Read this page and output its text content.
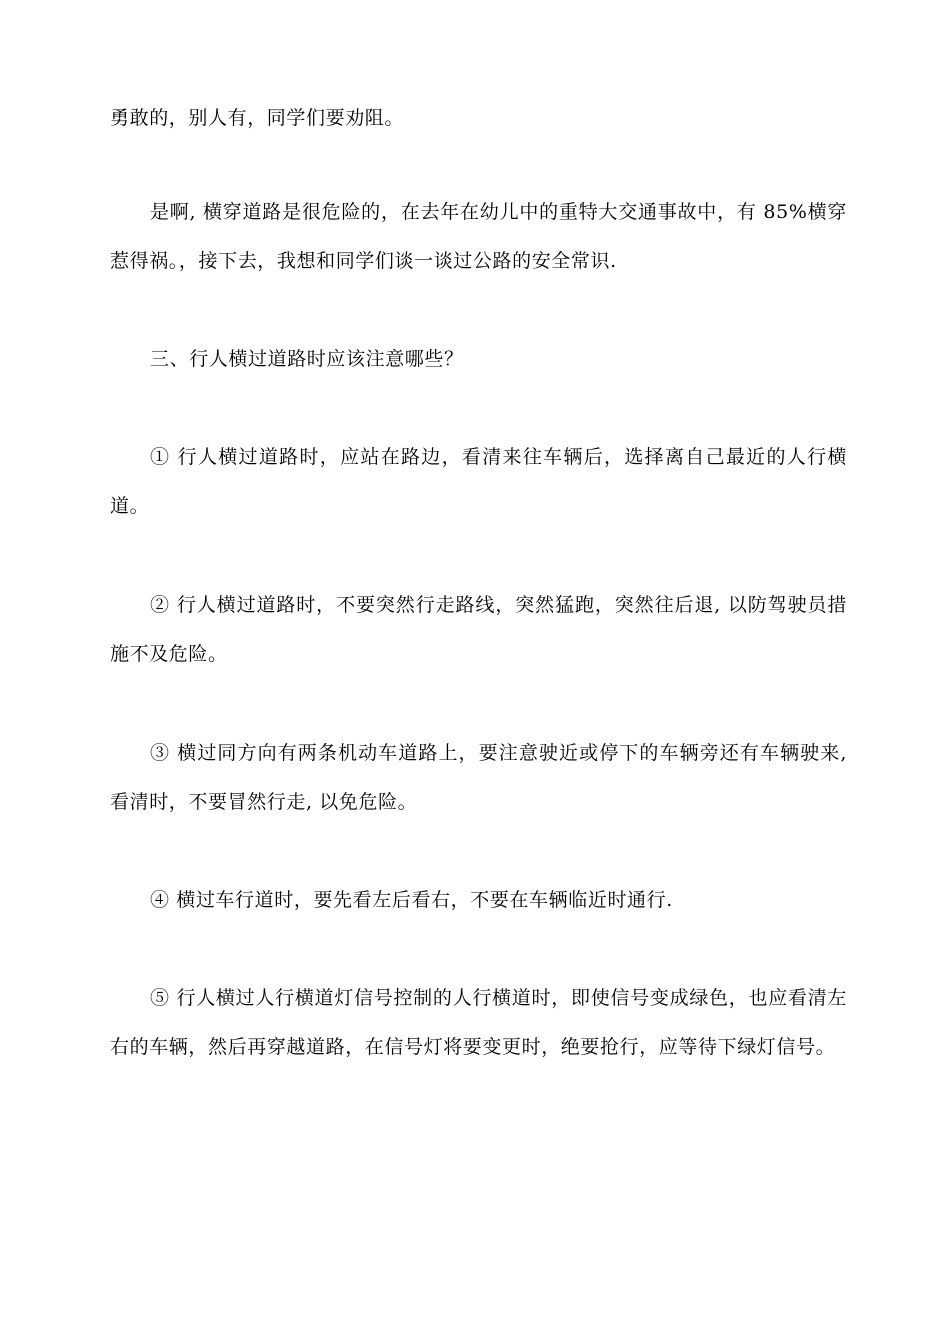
勇敢的，别人有，同学们要劝阻。

是啊, 横穿道路是很危险的，在去年在幼儿中的重特大交通事故中，有 85%横穿惹得祸。，接下去，我想和同学们谈一谈过公路的安全常识.

三、行人横过道路时应该注意哪些？

① 行人横过道路时，应站在路边，看清来往车辆后，选择离自己最近的人行横道。

② 行人横过道路时，不要突然行走路线，突然猛跑，突然往后退, 以防驾驶员措施不及危险。

③ 横过同方向有两条机动车道路上，要注意驶近或停下的车辆旁还有车辆驶来, 看清时，不要冒然行走, 以免危险。

④ 横过车行道时，要先看左后看右，不要在车辆临近时通行.

⑤ 行人横过人行横道灯信号控制的人行横道时，即使信号变成绿色，也应看清左右的车辆，然后再穿越道路，在信号灯将要变更时，绝要抢行，应等待下绿灯信号。
